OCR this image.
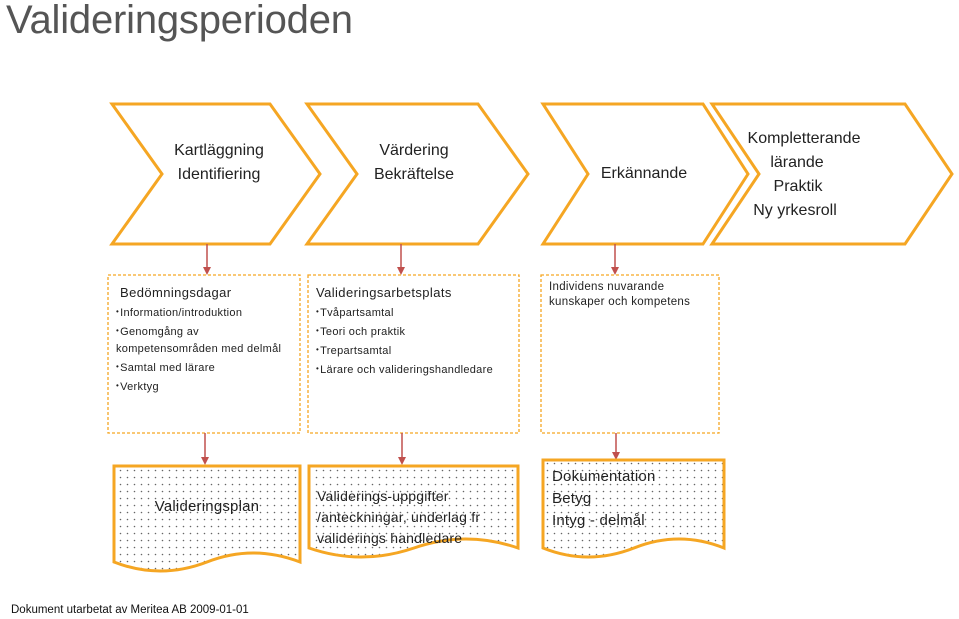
Valideringsperioden
Kartläggning
Identifiering
Värdering
Bekräftelse	Erkännande
Kompletterande
lärande
Praktik
Ny yrkesroll
Bedömningsdagar
• Information/introduktion
• Genomgång av kompetensområden med delmål
• Samtal med lärare
• Verktyg
Valideringsarbetsplats
• Tvåpartsamtal
• Teori och praktik
• Trepartsamtal
• Lärare och valideringshandledare
Individens nuvarande kunskaper och kompetens
Valideringsplan
Validerings-uppgifter
/anteckningar, underlag fr
validerings handledare
Dokumentation
Betyg
Intyg - delmål
Dokument utarbetat av Meritea AB 2009-01-01
